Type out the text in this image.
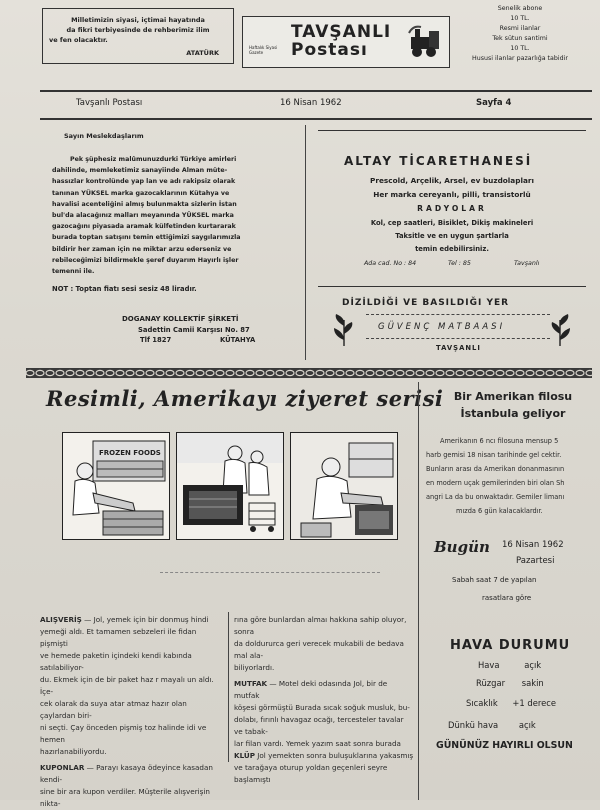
Milletimizin siyasi, içtimai hayatında
da fikri terbiyesinde de rehberimiz ilim
ve fen olacaktır.
ATATÜRK
Haftalık Siyasi Gazete
TAVŞANLI Postası
Senelik abone
10 TL.
Resmi ilanlar
Tek sütun santimi
10 TL.
Hususi ilanlar pazarlığa tabidir
Tavşanlı Postası	16 Nisan 1962	Sayfa 4
Sayın Meslekdaşlarım
Pek şüphesiz malûmunuzdurki Türkiye amirleri
dahilinde, memleketimiz sanayiinde Alman müte-
hassızlar kontrolünde yap lan ve adı rakipsiz olarak
tanınan YÜKSEL marka gazocaklarının Kütahya ve
havalisi acenteliğini almış bulunmakta sizlerin İstan
bul'da alacağınız malları meyanında YÜKSEL marka
gazocağını piyasada aramak külfetinden kurtararak
burada toptan satışını temin ettiğimizi saygılarımızla
bildirir her zaman için ne miktar arzu ederseniz ve
rebileceğimizi bildirmekle şeref duyarım Hayırlı işler
temenni ile.
NOT : Toptan fiatı sesi sesiz 48 liradır.
DOGANAY KOLLEKTİF ŞİRKETİ
Sadettin Camii Karşısı No. 87
Tlf 1827	KÜTAHYA
ALTAY TİCARETHANESİ
Prescold, Arçelik, Arsel, ev buzdolapları
Her marka cereyanlı, pilli, transistorlü
RADYOLAR
Kol, cep saatleri, Bisiklet, Dikiş makineleri
Taksitle ve en uygun şartlarla
temin edebilirsiniz.
Ada cad. No : 84	Tel : 85	Tavşanlı
DİZİLDİĞİ VE BASILDIĞI YER
GÜVENÇ MATBAASI
TAVŞANLI
Resimli, Amerikayı ziyeret serisi
FROZEN FOODS
ALIŞVERİŞ — Jol, yemek için bir donmuş hindi
yemeği aldı. Et tamamen sebzeleri ile fidan pişmişti
ve hemede paketin içindeki kendi kabında satılabiliyor-
du. Ekmek için de bir paket haz r mayalı un aldı. İçe-
cek olarak da suya atar atmaz hazır olan çaylardan biri-
ni seçti. Çay önceden pişmiş toz halinde idi ve hemen
hazırlanabiliyordu.
KUPONLAR — Parayı kasaya ödeyince kasadan kendi-
sine bir ara kupon verdiler. Müşterile alışverişin nikta-
rına göre bunlardan almaı hakkına sahip oluyor, sonra
da doldururca geri verecek mukabili de bedava mal ala-
biliyorlardı.
MUTFAK — Motel deki odasında Jol, bir de mutfak
köşesi görmüştü Burada sıcak soğuk musluk, bu-
dolabı, fırınlı havagaz ocağı, tercesteler tavalar ve tabak-
lar filan vardı. Yemek yazım saat sonra burada
KLÜP Jol yemekten sonra buluşuklarına yakasmış
ve tarağaya oturup yoldan geçenleri seyre başlamıştı
Bir Amerikan filosu
İstanbula geliyor
Amerikanın 6 ncı filosuna mensup 5
harb gemisi 18 nisan tarihinde gel cektir.
Bunların arası da Amerikan donanmasının
en modern uçak gemilerinden biri olan Sh
angri La da bu onwaktadır. Gemiler limanı
mızda 6 gün kalacaklardır.
Bugün 16 Nisan 1962
Pazartesi
Sabah saat 7 de yapılan
rasatlara göre
HAVA DURUMU
Hava	açık
Rüzgar sakin
Sıcaklık +1 derece
Dünkü hava açık
GÜNÜNÜZ HAYIRLI OLSUN
